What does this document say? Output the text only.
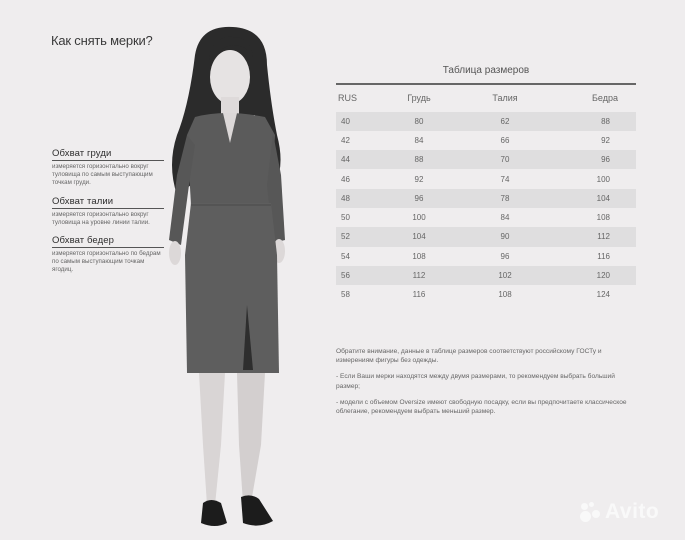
Как снять мерки?
Обхват груди
измеряется горизонтально вокруг туловища по самым выступающим точкам груди.
Обхват талии
измеряется горизонтально вокруг туловища на уровне линии талии.
Обхват бедер
измеряется горизонтально по бедрам по самым выступающим точкам ягодиц.
Таблица размеров
RUS	Грудь	Талия	Бедра
40	80	62	88
42	84	66	92
44	88	70	96
46	92	74	100
48	96	78	104
50	100	84	108
52	104	90	112
54	108	96	116
56	112	102	120
58	116	108	124

Обратите внимание, данные в таблице размеров соответствуют российскому ГОСТу и измерениям фигуры без одежды.

- Если Ваши мерки находятся между двумя размерами, то рекомендуем выбрать больший размер;

- модели с объемом Oversize имеют свободную посадку, если вы предпочитаете классическое облегание, рекомендуем выбрать меньший размер.

Avito
